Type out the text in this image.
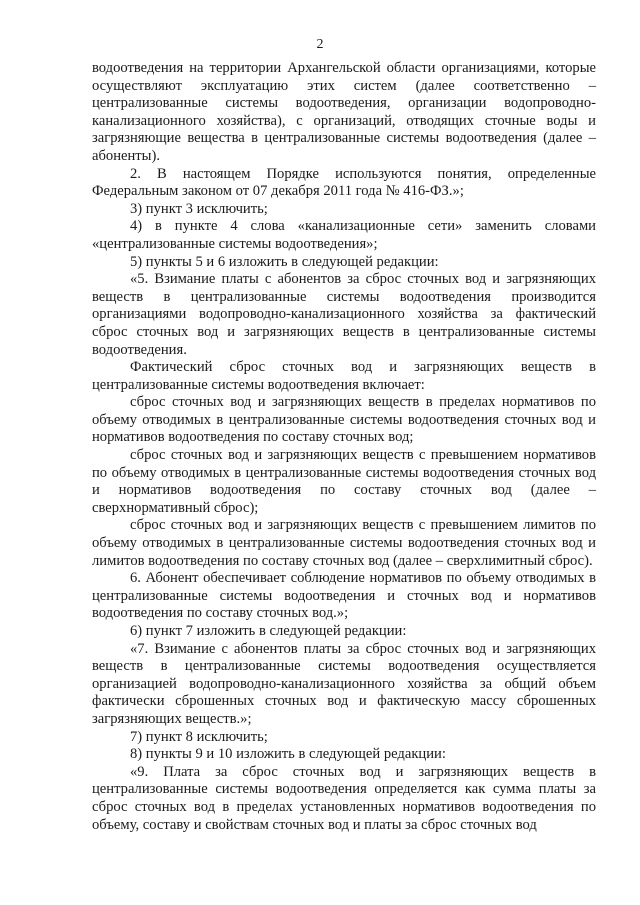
2

водоотведения на территории Архангельской области организациями, которые осуществляют эксплуатацию этих систем (далее соответственно – централизованные системы водоотведения, организации водопроводно-канализационного хозяйства), с организаций, отводящих сточные воды и загрязняющие вещества в централизованные системы водоотведения (далее – абоненты).

2. В настоящем Порядке используются понятия, определенные Федеральным законом от 07 декабря 2011 года № 416-ФЗ.»;

3) пункт 3 исключить;

4) в пункте 4 слова «канализационные сети» заменить словами «централизованные системы водоотведения»;

5) пункты 5 и 6 изложить в следующей редакции:

«5. Взимание платы с абонентов за сброс сточных вод и загрязняющих веществ в централизованные системы водоотведения производится организациями водопроводно-канализационного хозяйства за фактический сброс сточных вод и загрязняющих веществ в централизованные системы водоотведения.

Фактический сброс сточных вод и загрязняющих веществ в централизованные системы водоотведения включает:

сброс сточных вод и загрязняющих веществ в пределах нормативов по объему отводимых в централизованные системы водоотведения сточных вод и нормативов водоотведения по составу сточных вод;

сброс сточных вод и загрязняющих веществ с превышением нормативов по объему отводимых в централизованные системы водоотведения сточных вод и нормативов водоотведения по составу сточных вод (далее – сверхнормативный сброс);

сброс сточных вод и загрязняющих веществ с превышением лимитов по объему отводимых в централизованные системы водоотведения сточных вод и лимитов водоотведения по составу сточных вод (далее – сверхлимитный сброс).

6. Абонент обеспечивает соблюдение нормативов по объему отводимых в централизованные системы водоотведения и сточных вод и нормативов водоотведения по составу сточных вод.»;

6) пункт 7 изложить в следующей редакции:

«7. Взимание с абонентов платы за сброс сточных вод и загрязняющих веществ в централизованные системы водоотведения осуществляется организацией водопроводно-канализационного хозяйства за общий объем фактически сброшенных сточных вод и фактическую массу сброшенных загрязняющих веществ.»;

7) пункт 8 исключить;

8) пункты 9 и 10 изложить в следующей редакции:

«9. Плата за сброс сточных вод и загрязняющих веществ в централизованные системы водоотведения определяется как сумма платы за сброс сточных вод в пределах установленных нормативов водоотведения по объему, составу и свойствам сточных вод и платы за сброс сточных вод
